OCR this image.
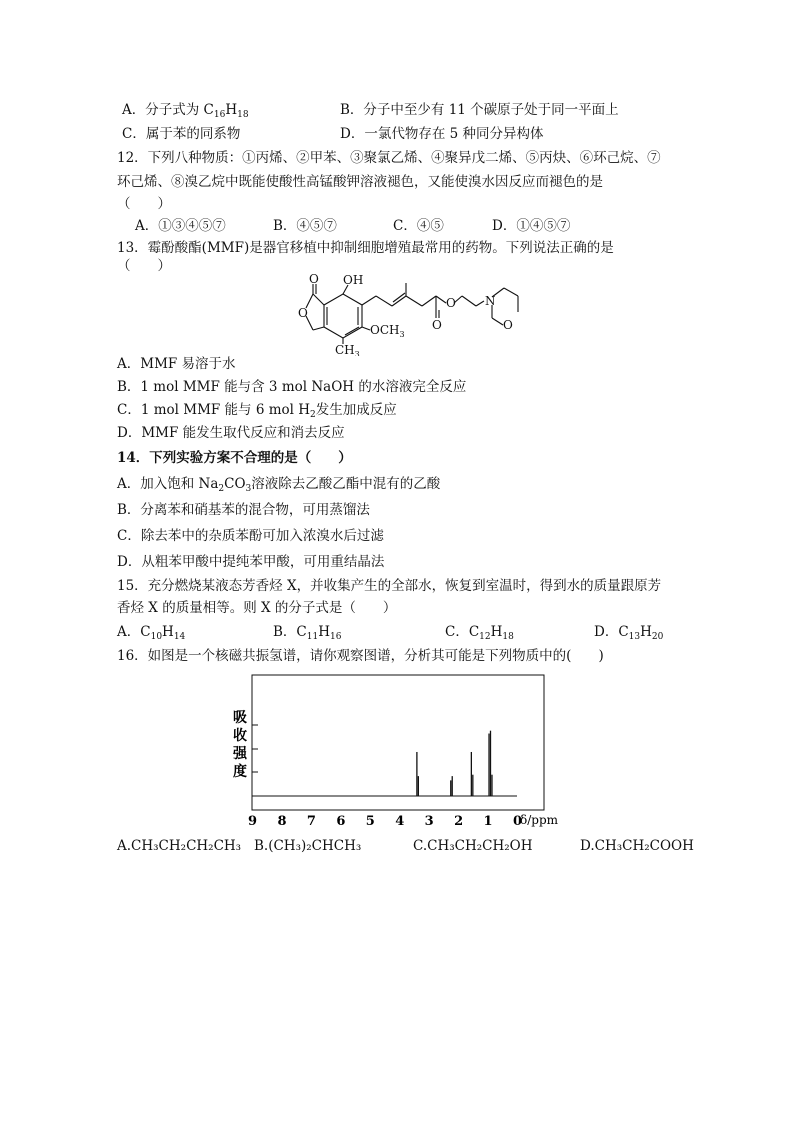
A．分子式为 $C_{16}H_{18}$	B．分子中至少有 11 个碳原子处于同一平面上
C．属于苯的同系物	D．一氯代物存在 5 种同分异构体
12．下列八种物质：①丙烯、②甲苯、③聚氯乙烯、④聚异戊二烯、⑤丙炔、⑥环己烷、⑦
环己烯、⑧溴乙烷中既能使酸性高锰酸钾溶液褪色，又能使溴水因反应而褪色的是
（　　）
A．①③④⑤⑦	B．④⑤⑦	C．④⑤	D．①④⑤⑦
13．霉酚酸酯(MMF)是器官移植中抑制细胞增殖最常用的药物。下列说法正确的是
（　　）
O OH
O
$OCH_3$
$CH_3$
O
O
N
O
A．MMF 易溶于水
B．1 mol MMF 能与含 3 mol NaOH 的水溶液完全反应
C．1 mol MMF 能与 6 mol $H_2$发生加成反应
D．MMF 能发生取代反应和消去反应
14．下列实验方案不合理的是（　　）
A．加入饱和 $Na_2CO_3$溶液除去乙酸乙酯中混有的乙酸
B．分离苯和硝基苯的混合物，可用蒸馏法
C．除去苯中的杂质苯酚可加入浓溴水后过滤
D．从粗苯甲酸中提纯苯甲酸，可用重结晶法
15．充分燃烧某液态芳香烃 X，并收集产生的全部水，恢复到室温时，得到水的质量跟原芳
香烃 X 的质量相等。则 X 的分子式是（　　）
A．$C_{10}H_{14}$	B．$C_{11}H_{16}$	C．$C_{12}H_{18}$	D．$C_{13}H_{20}$
16．如图是一个核磁共振氢谱，请你观察图谱，分析其可能是下列物质中的(　　)
吸
收
强
度
9 8 7 6 5 4 3 2 1 0
δ/ppm
A.CH₃CH₂CH₂CH₃ B.(CH₃)₂CHCH₃	C.CH₃CH₂CH₂OH	D.CH₃CH₂COOH
